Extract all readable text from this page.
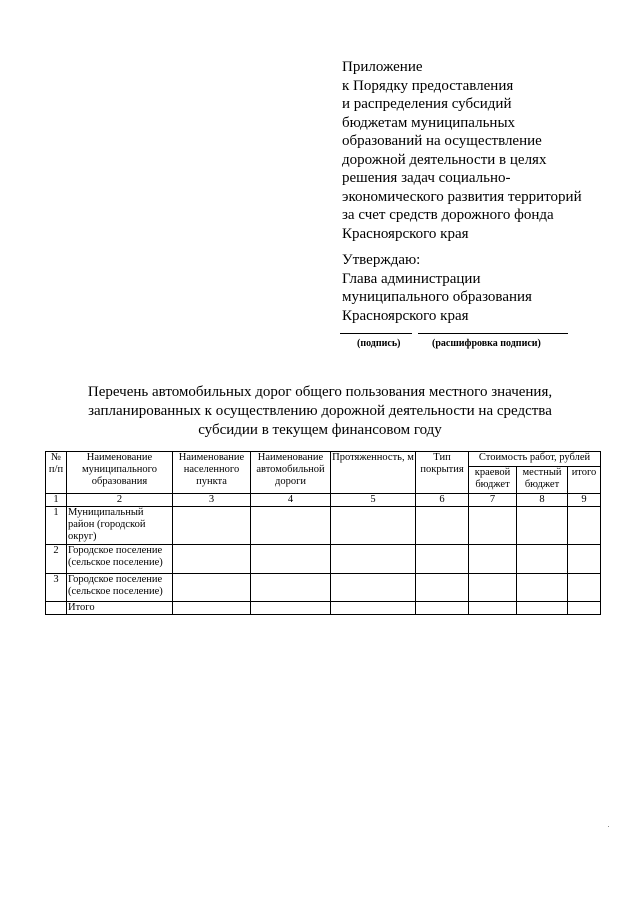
Приложение
к Порядку предоставления
и распределения субсидий
бюджетам муниципальных
образований на осуществление
дорожной деятельности в целях
решения задач социально-
экономического развития территорий
за счет средств дорожного фонда
Красноярского края
Утверждаю:
Глава администрации
муниципального образования
Красноярского края
(подпись)	(расшифровка подписи)
Перечень автомобильных дорог общего пользования местного значения,
запланированных к осуществлению дорожной деятельности на средства
субсидии в текущем финансовом году
№ п/п	Наименование муниципального образования	Наименование населенного пункта	Наименование автомобильной дороги	Протяженность, м	Тип покрытия	Стоимость работ, рублей		
						краевой бюджет	местный бюджет	итого
1	2	3	4	5	6	7	8	9
1	Муниципальный район (городской округ)							
2	Городское поселение (сельское поселение)							
3	Городское поселение (сельское поселение)							
	Итого							
